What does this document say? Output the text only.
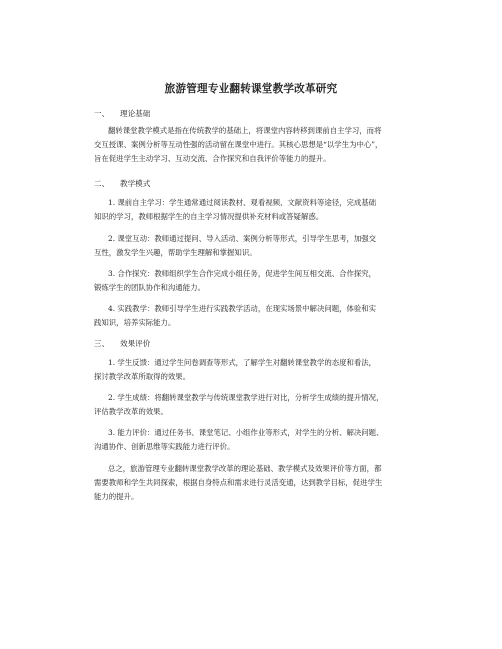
旅游管理专业翻转课堂教学改革研究
一、 理论基础
翻转课堂教学模式是指在传统教学的基础上，将课堂内容转移到课前自主学习，而将
交互授课、案例分析等互动性强的活动留在课堂中进行。其核心思想是“以学生为中心”，
旨在促进学生主动学习、互动交流、合作探究和自我评价等能力的提升。
二、 教学模式
1. 课前自主学习：学生通常通过阅读教材、观看视频、文献资料等途径，完成基础
知识的学习，教师根据学生的自主学习情况提供补充材料或答疑解惑。
2. 课堂互动：教师通过提问、导入活动、案例分析等形式，引导学生思考，加强交
互性，激发学生兴趣，帮助学生理解和掌握知识。
3. 合作探究：教师组织学生合作完成小组任务，促进学生间互相交流、合作探究，
锻炼学生的团队协作和沟通能力。
4. 实践教学：教师引导学生进行实践教学活动，在现实场景中解决问题，体验和实
践知识，培养实际能力。
三、 效果评价
1. 学生反馈：通过学生问卷调查等形式，了解学生对翻转课堂教学的态度和看法，
探讨教学改革所取得的效果。
2. 学生成绩：将翻转课堂教学与传统课堂教学进行对比，分析学生成绩的提升情况，
评估教学改革的效果。
3. 能力评价：通过任务书、课堂笔记、小组作业等形式，对学生的分析、解决问题、
沟通协作、创新思维等实践能力进行评价。
总之，旅游管理专业翻转课堂教学改革的理论基础、教学模式及效果评价等方面，都
需要教师和学生共同探索，根据自身特点和需求进行灵活变通，达到教学目标，促进学生
能力的提升。
